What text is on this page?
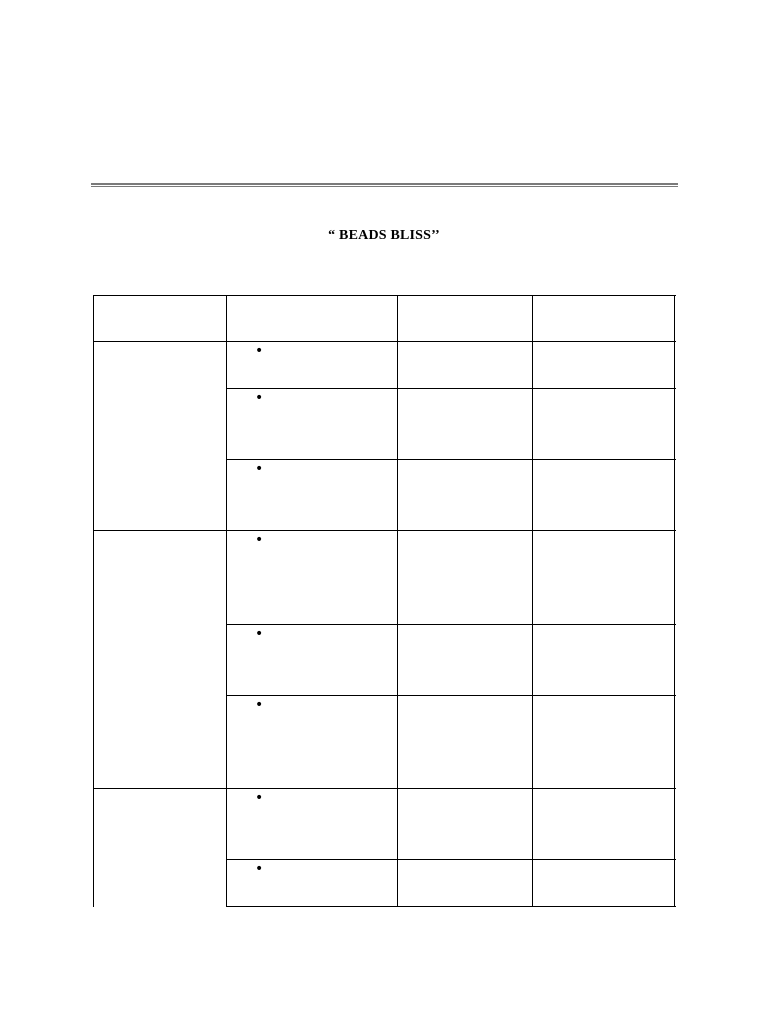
“ BEADS BLISS’’
•
•
•
•
•
•
•
•
